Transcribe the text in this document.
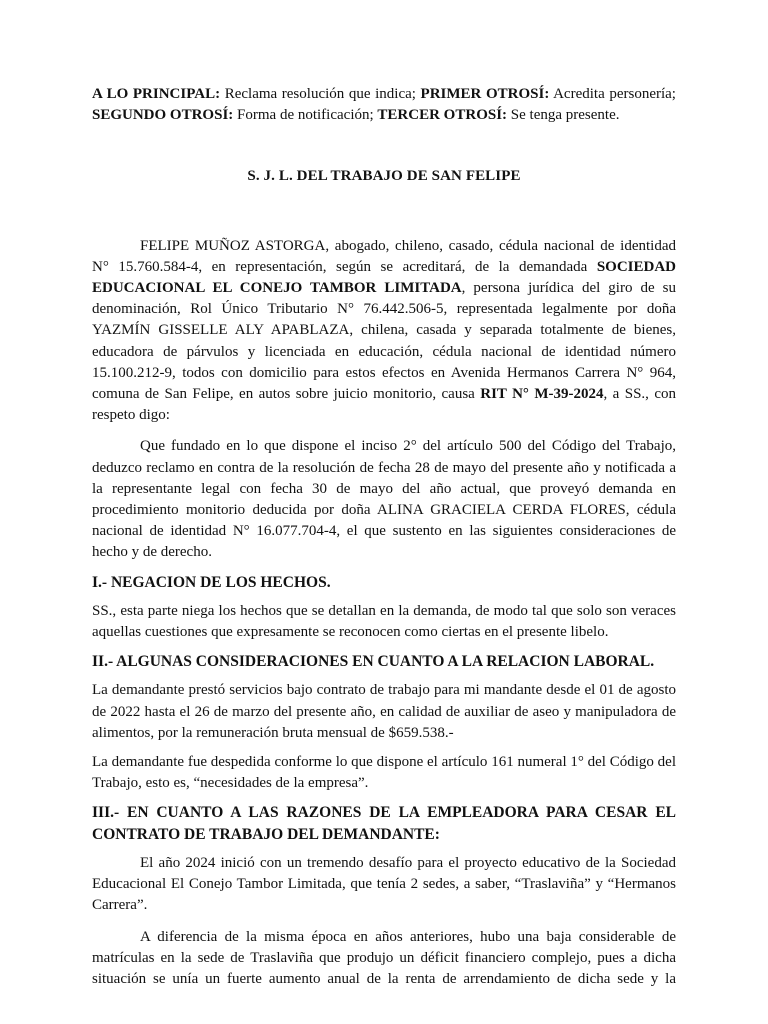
A LO PRINCIPAL: Reclama resolución que indica; PRIMER OTROSÍ: Acredita personería; SEGUNDO OTROSÍ: Forma de notificación; TERCER OTROSÍ: Se tenga presente.

S. J. L. DEL TRABAJO DE SAN FELIPE

FELIPE MUÑOZ ASTORGA, abogado, chileno, casado, cédula nacional de identidad N° 15.760.584-4, en representación, según se acreditará, de la demandada SOCIEDAD EDUCACIONAL EL CONEJO TAMBOR LIMITADA, persona jurídica del giro de su denominación, Rol Único Tributario N° 76.442.506-5, representada legalmente por doña YAZMÍN GISSELLE ALY APABLAZA, chilena, casada y separada totalmente de bienes, educadora de párvulos y licenciada en educación, cédula nacional de identidad número 15.100.212-9, todos con domicilio para estos efectos en Avenida Hermanos Carrera N° 964, comuna de San Felipe, en autos sobre juicio monitorio, causa RIT N° M-39-2024, a SS., con respeto digo:

Que fundado en lo que dispone el inciso 2° del artículo 500 del Código del Trabajo, deduzco reclamo en contra de la resolución de fecha 28 de mayo del presente año y notificada a la representante legal con fecha 30 de mayo del año actual, que proveyó demanda en procedimiento monitorio deducida por doña ALINA GRACIELA CERDA FLORES, cédula nacional de identidad N° 16.077.704-4, el que sustento en las siguientes consideraciones de hecho y de derecho.

I.- NEGACION DE LOS HECHOS.

SS., esta parte niega los hechos que se detallan en la demanda, de modo tal que solo son veraces aquellas cuestiones que expresamente se reconocen como ciertas en el presente libelo.

II.- ALGUNAS CONSIDERACIONES EN CUANTO A LA RELACION LABORAL.

La demandante prestó servicios bajo contrato de trabajo para mi mandante desde el 01 de agosto de 2022 hasta el 26 de marzo del presente año, en calidad de auxiliar de aseo y manipuladora de alimentos, por la remuneración bruta mensual de $659.538.-

La demandante fue despedida conforme lo que dispone el artículo 161 numeral 1° del Código del Trabajo, esto es, “necesidades de la empresa”.

III.- EN CUANTO A LAS RAZONES DE LA EMPLEADORA PARA CESAR EL CONTRATO DE TRABAJO DEL DEMANDANTE:

El año 2024 inició con un tremendo desafío para el proyecto educativo de la Sociedad Educacional El Conejo Tambor Limitada, que tenía 2 sedes, a saber, “Traslaviña” y “Hermanos Carrera”.

A diferencia de la misma época en años anteriores, hubo una baja considerable de matrículas en la sede de Traslaviña que produjo un déficit financiero complejo, pues a dicha situación se unía un fuerte aumento anual de la renta de arrendamiento de dicha sede y la
